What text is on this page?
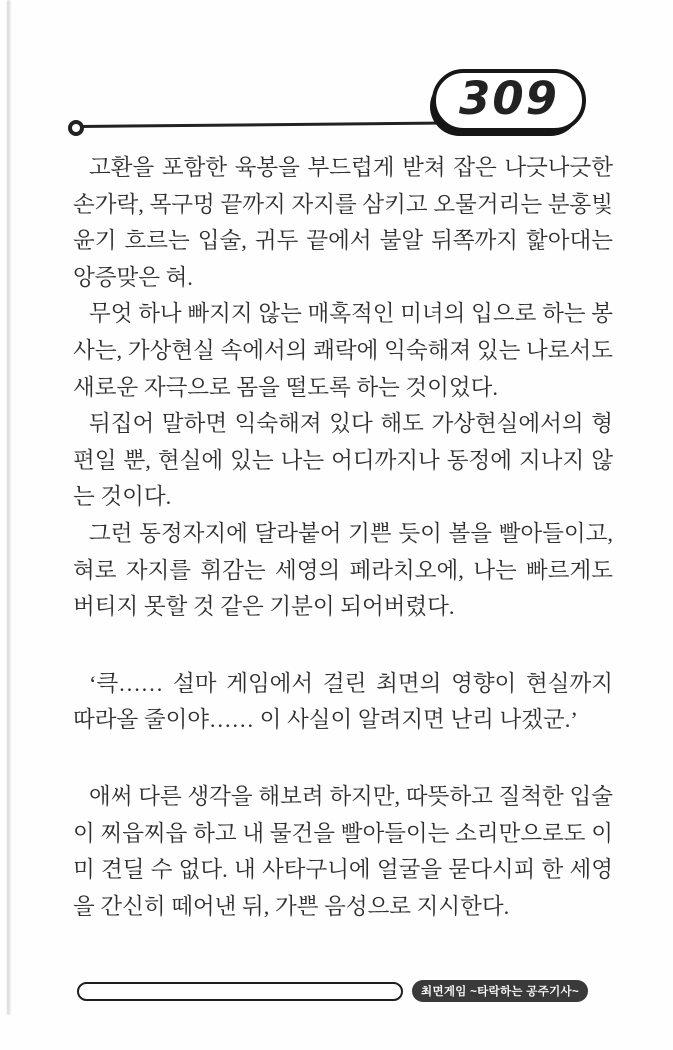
309

고환을 포함한 육봉을 부드럽게 받쳐 잡은 나긋나긋한 손가락, 목구멍 끝까지 자지를 삼키고 오물거리는 분홍빛 윤기 흐르는 입술, 귀두 끝에서 불알 뒤쪽까지 핥아대는 앙증맞은 혀.

무엇 하나 빠지지 않는 매혹적인 미녀의 입으로 하는 봉사는, 가상현실 속에서의 쾌락에 익숙해져 있는 나로서도 새로운 자극으로 몸을 떨도록 하는 것이었다.

뒤집어 말하면 익숙해져 있다 해도 가상현실에서의 형편일 뿐, 현실에 있는 나는 어디까지나 동정에 지나지 않는 것이다.

그런 동정자지에 달라붙어 기쁜 듯이 볼을 빨아들이고, 혀로 자지를 휘감는 세영의 페라치오에, 나는 빠르게도 버티지 못할 것 같은 기분이 되어버렸다.

‘큭…… 설마 게임에서 걸린 최면의 영향이 현실까지 따라올 줄이야…… 이 사실이 알려지면 난리 나겠군.’

애써 다른 생각을 해보려 하지만, 따뜻하고 질척한 입술이 찌읍찌읍 하고 내 물건을 빨아들이는 소리만으로도 이미 견딜 수 없다. 내 사타구니에 얼굴을 묻다시피 한 세영을 간신히 떼어낸 뒤, 가쁜 음성으로 지시한다.

최면게임 ~타락하는 공주기사~
